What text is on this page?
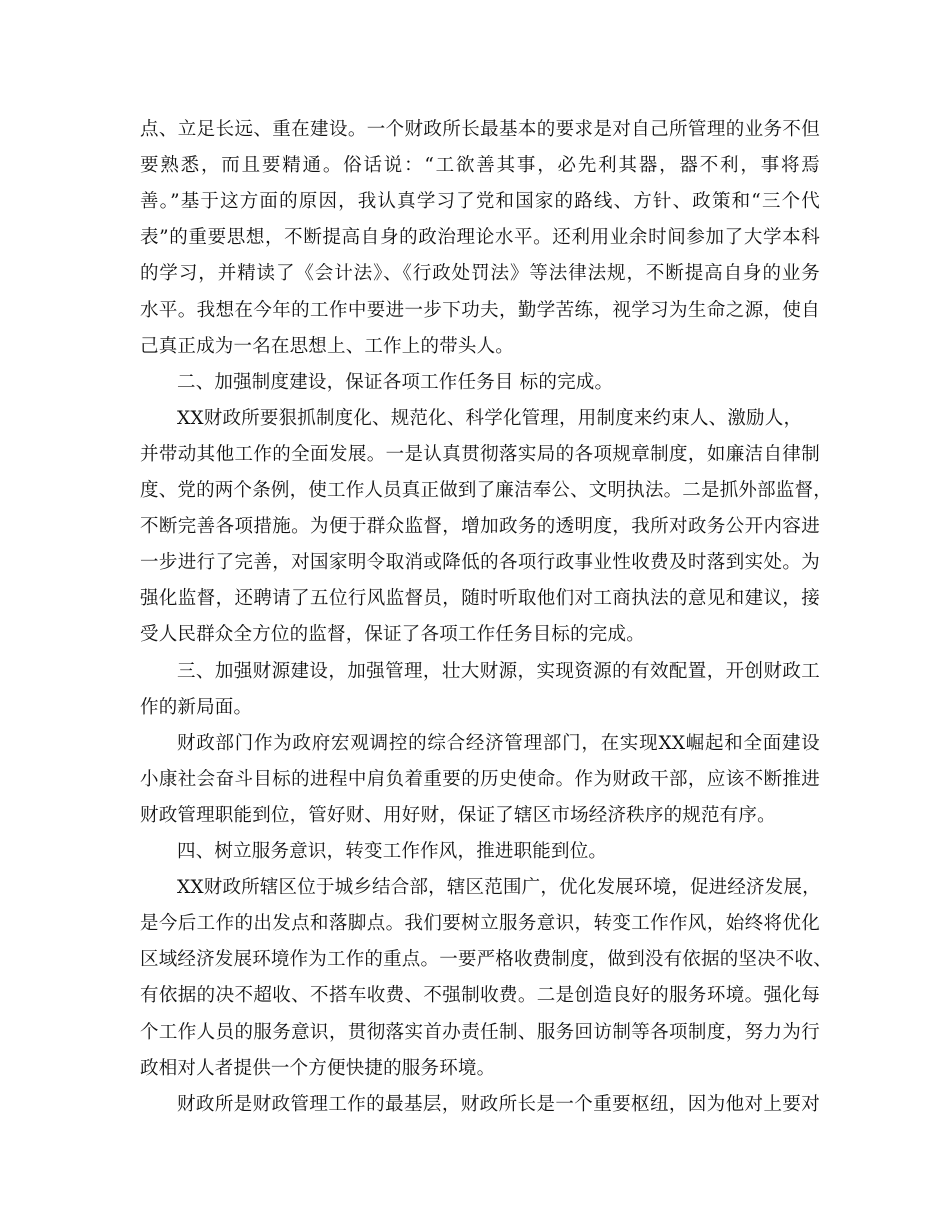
点、立足长远、重在建设。一个财政所长最基本的要求是对自己所管理的业务不但
要熟悉，而且要精通。俗话说：“工欲善其事，必先利其器，器不利，事将焉
善。”基于这方面的原因，我认真学习了党和国家的路线、方针、政策和“三个代
表”的重要思想，不断提高自身的政治理论水平。还利用业余时间参加了大学本科
的学习，并精读了《会计法》、《行政处罚法》等法律法规，不断提高自身的业务
水平。我想在今年的工作中要进一步下功夫，勤学苦练，视学习为生命之源，使自
己真正成为一名在思想上、工作上的带头人。
二、加强制度建设，保证各项工作任务目 标的完成。
XX财政所要狠抓制度化、规范化、科学化管理，用制度来约束人、激励人，
并带动其他工作的全面发展。一是认真贯彻落实局的各项规章制度，如廉洁自律制
度、党的两个条例，使工作人员真正做到了廉洁奉公、文明执法。二是抓外部监督，
不断完善各项措施。为便于群众监督，增加政务的透明度，我所对政务公开内容进
一步进行了完善，对国家明令取消或降低的各项行政事业性收费及时落到实处。为
强化监督，还聘请了五位行风监督员，随时听取他们对工商执法的意见和建议，接
受人民群众全方位的监督，保证了各项工作任务目标的完成。
三、加强财源建设，加强管理，壮大财源，实现资源的有效配置，开创财政工
作的新局面。
财政部门作为政府宏观调控的综合经济管理部门，在实现XX崛起和全面建设
小康社会奋斗目标的进程中肩负着重要的历史使命。作为财政干部，应该不断推进
财政管理职能到位，管好财、用好财，保证了辖区市场经济秩序的规范有序。
四、树立服务意识，转变工作作风，推进职能到位。
XX财政所辖区位于城乡结合部，辖区范围广，优化发展环境，促进经济发展，
是今后工作的出发点和落脚点。我们要树立服务意识，转变工作作风，始终将优化
区域经济发展环境作为工作的重点。一要严格收费制度，做到没有依据的坚决不收、
有依据的决不超收、不搭车收费、不强制收费。二是创造良好的服务环境。强化每
个工作人员的服务意识，贯彻落实首办责任制、服务回访制等各项制度，努力为行
政相对人者提供一个方便快捷的服务环境。
财政所是财政管理工作的最基层，财政所长是一个重要枢纽，因为他对上要对
